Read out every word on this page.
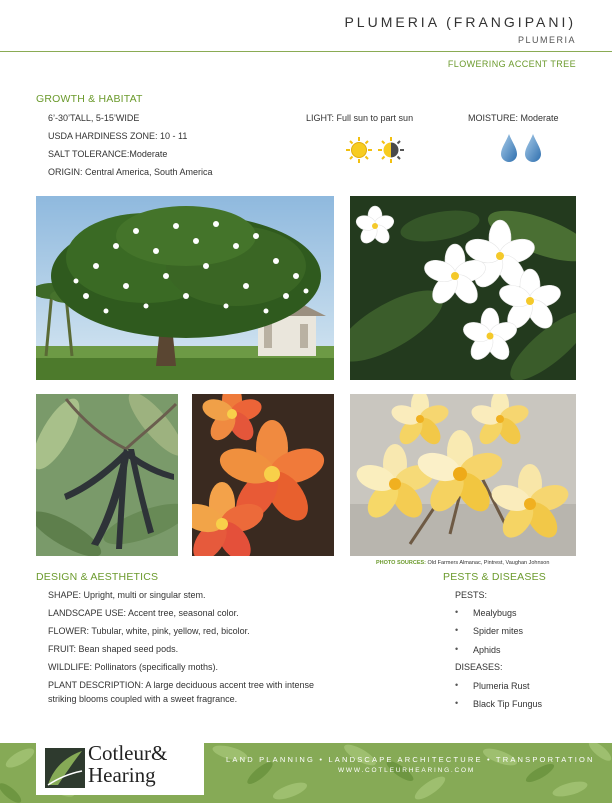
PLUMERIA (FRANGIPANI)
PLUMERIA
FLOWERING ACCENT TREE
GROWTH & HABITAT
6’-30’TALL, 5-15’WIDE
USDA HARDINESS ZONE: 10 - 11
SALT TOLERANCE:Moderate
ORIGIN: Central America, South America
LIGHT: Full sun to part sun	MOISTURE: Moderate
PHOTO SOURCES: Old Farmers Almanac, Pintrest, Vaughan Johnson
DESIGN & AESTHETICS
SHAPE: Upright, multi or singular stem.
LANDSCAPE USE: Accent tree, seasonal color.
FLOWER: Tubular, white, pink, yellow, red, bicolor.
FRUIT: Bean shaped seed pods.
WILDLIFE: Pollinators (specifically moths).
PLANT DESCRIPTION: A large deciduous accent tree with intense
striking blooms coupled with a sweet fragrance.
PESTS & DISEASES
PESTS:
• Mealybugs
• Spider mites
• Aphids
DISEASES:
• Plumeria Rust
• Black Tip Fungus
Cotleur&
Hearing
LAND PLANNING • LANDSCAPE ARCHITECTURE • TRANSPORTATION
WWW.COTLEURHEARING.COM
